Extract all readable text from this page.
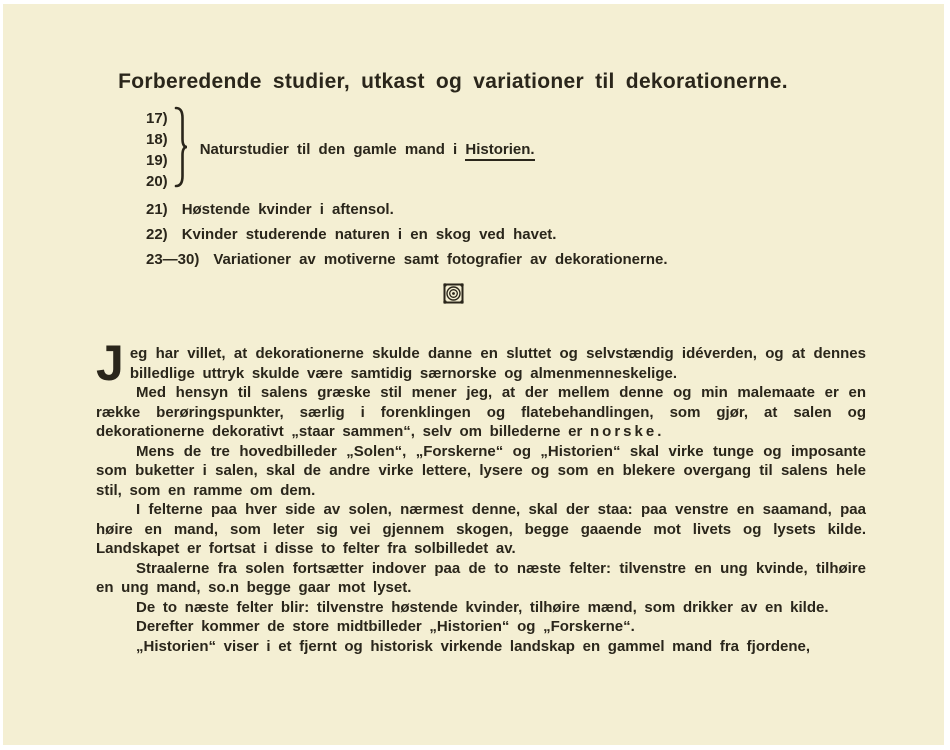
Forberedende studier, utkast og variationer til dekorationerne.
17)
18)
19)
20)
Naturstudier til den gamle mand i Historien.
21) Høstende kvinder i aftensol.
22) Kvinder studerende naturen i en skog ved havet.
23—30) Variationer av motiverne samt fotografier av dekorationerne.

Jeg har villet, at dekorationerne skulde danne en sluttet og selvstændig idéverden, og at dennes billedlige uttryk skulde være samtidig særnorske og almenmenneskelige.

Med hensyn til salens græske stil mener jeg, at der mellem denne og min malemaate er en række berøringspunkter, særlig i forenklingen og flatebehandlingen, som gjør, at salen og dekorationerne dekorativt „staar sammen“, selv om billederne er norske.

Mens de tre hovedbilleder „Solen“, „Forskerne“ og „Historien“ skal virke tunge og imposante som buketter i salen, skal de andre virke lettere, lysere og som en blekere overgang til salens hele stil, som en ramme om dem.

I felterne paa hver side av solen, nærmest denne, skal der staa: paa venstre en saamand, paa høire en mand, som leter sig vei gjennem skogen, begge gaaende mot livets og lysets kilde. Landskapet er fortsat i disse to felter fra solbilledet av.

Straalerne fra solen fortsætter indover paa de to næste felter: tilvenstre en ung kvinde, tilhøire en ung mand, so.n begge gaar mot lyset.

De to næste felter blir: tilvenstre høstende kvinder, tilhøire mænd, som drikker av en kilde.

Derefter kommer de store midtbilleder „Historien“ og „Forskerne“.

„Historien“ viser i et fjernt og historisk virkende landskap en gammel mand fra fjordene,
